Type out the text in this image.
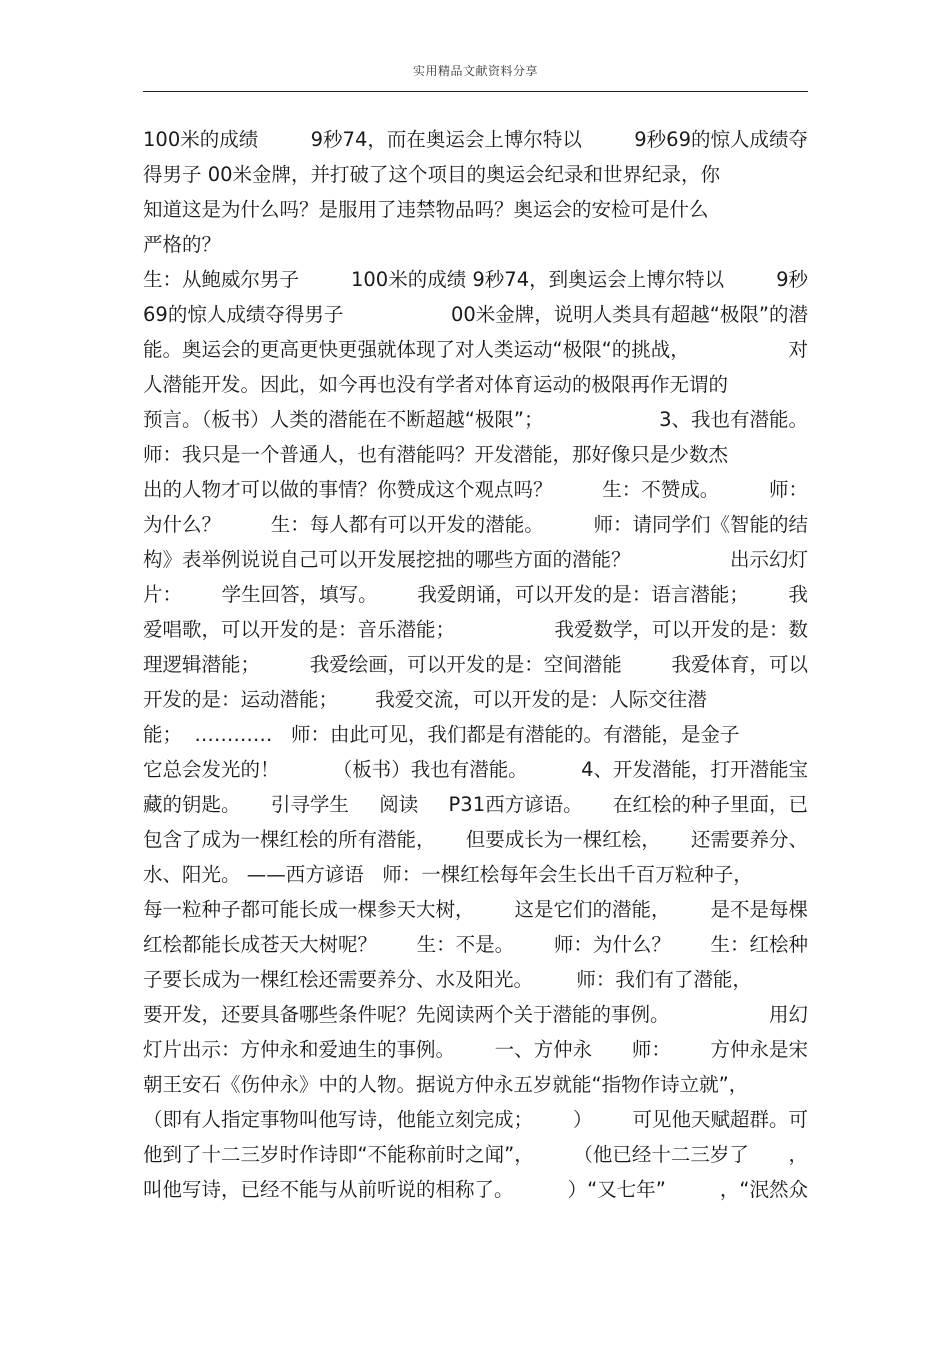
实用精品文献资料分享
100米的成绩	9秒74，而在奥运会上博尔特以	9秒69的惊人成绩夺
得男子 00米金牌，并打破了这个项目的奥运会纪录和世界纪录，你
知道这是为什么吗？是服用了违禁物品吗？奥运会的安检可是什么
严格的？
生：从鲍威尔男子	100米的成绩 9秒74，到奥运会上博尔特以	9秒
69的惊人成绩夺得男子	00米金牌，说明人类具有超越“极限”的潜
能。奥运会的更高更快更强就体现了对人类运动“极限“的挑战，	对
人潜能开发。因此，如今再也没有学者对体育运动的极限再作无谓的
预言。（板书）人类的潜能在不断超越“极限”；	3、我也有潜能。
师：我只是一个普通人，也有潜能吗？开发潜能，那好像只是少数杰
出的人物才可以做的事情？你赞成这个观点吗？	生：不赞成。	师：
为什么？	生：每人都有可以开发的潜能。	师：请同学们《智能的结
构》表举例说说自己可以开发展挖拙的哪些方面的潜能？	出示幻灯
片： 学生回答，填写。 我爱朗诵，可以开发的是：语言潜能； 我
爱唱歌，可以开发的是：音乐潜能；	我爱数学，可以开发的是：数
理逻辑潜能；	我爱绘画，可以开发的是：空间潜能	我爱体育，可以
开发的是：运动潜能；      我爱交流，可以开发的是：人际交往潜
能；  …………   师：由此可见，我们都是有潜能的。有潜能，是金子
它总会发光的！	（板书）我也有潜能。	4、开发潜能，打开潜能宝
藏的钥匙。 引寻学生 阅读 P31西方谚语。 在红桧的种子里面，已
包含了成为一棵红桧的所有潜能， 但要成长为一棵红桧， 还需要养分、
水、阳光。 ——西方谚语   师：一棵红桧每年会生长出千百万粒种子，
每一粒种子都可能长成一棵参天大树， 这是它们的潜能， 是不是每棵
红桧都能长成苍天大树呢？ 生：不是。 师：为什么？ 生：红桧种
子要长成为一棵红桧还需要养分、水及阳光。       师：我们有了潜能，
要开发，还要具备哪些条件呢？先阅读两个关于潜能的事例。	用幻
灯片出示：方仲永和爱迪生的事例。 一、方仲永 师： 方仲永是宋
朝王安石《伤仲永》中的人物。据说方仲永五岁就能“指物作诗立就”，
（即有人指定事物叫他写诗，他能立刻完成； ） 可见他天赋超群。可
他到了十二三岁时作诗即“不能称前时之闻”， （他已经十二三岁了 ，
叫他写诗，已经不能与从前听说的相称了。	）“又七年”	，“泯然众
